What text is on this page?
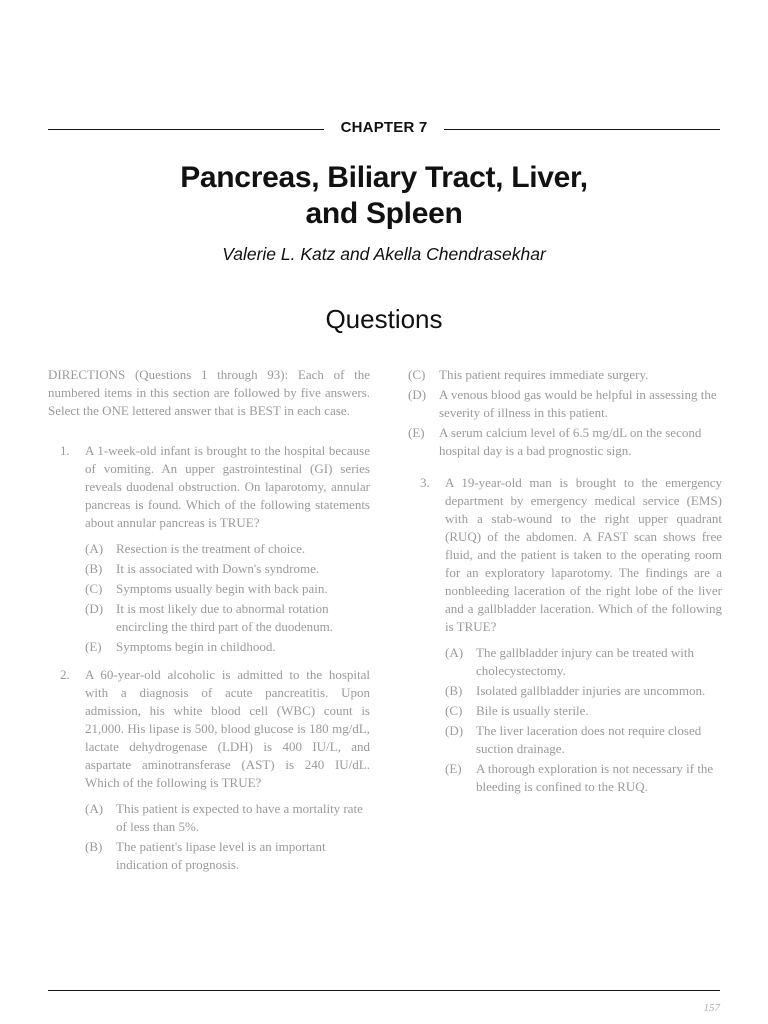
CHAPTER 7
Pancreas, Biliary Tract, Liver,
and Spleen
Valerie L. Katz and Akella Chendrasekhar
Questions

DIRECTIONS (Questions 1 through 93): Each of the numbered items in this section are followed by five answers. Select the ONE lettered answer that is BEST in each case.

1. A 1-week-old infant is brought to the hospital because of vomiting. An upper gastrointestinal (GI) series reveals duodenal obstruction. On laparotomy, annular pancreas is found. Which of the following statements about annular pancreas is TRUE?
(A) Resection is the treatment of choice.
(B) It is associated with Down's syndrome.
(C) Symptoms usually begin with back pain.
(D) It is most likely due to abnormal rotation encircling the third part of the duodenum.
(E) Symptoms begin in childhood.
2. A 60-year-old alcoholic is admitted to the hospital with a diagnosis of acute pancreatitis. Upon admission, his white blood cell (WBC) count is 21,000. His lipase is 500, blood glucose is 180 mg/dL, lactate dehydrogenase (LDH) is 400 IU/L, and aspartate aminotransferase (AST) is 240 IU/dL. Which of the following is TRUE?
(A) This patient is expected to have a mortality rate of less than 5%.
(B) The patient's lipase level is an important indication of prognosis.
(C) This patient requires immediate surgery.
(D) A venous blood gas would be helpful in assessing the severity of illness in this patient.
(E) A serum calcium level of 6.5 mg/dL on the second hospital day is a bad prognostic sign.
3. A 19-year-old man is brought to the emergency department by emergency medical service (EMS) with a stab-wound to the right upper quadrant (RUQ) of the abdomen. A FAST scan shows free fluid, and the patient is taken to the operating room for an exploratory laparotomy. The findings are a nonbleeding laceration of the right lobe of the liver and a gallbladder laceration. Which of the following is TRUE?
(A) The gallbladder injury can be treated with cholecystectomy.
(B) Isolated gallbladder injuries are uncommon.
(C) Bile is usually sterile.
(D) The liver laceration does not require closed suction drainage.
(E) A thorough exploration is not necessary if the bleeding is confined to the RUQ.
157
